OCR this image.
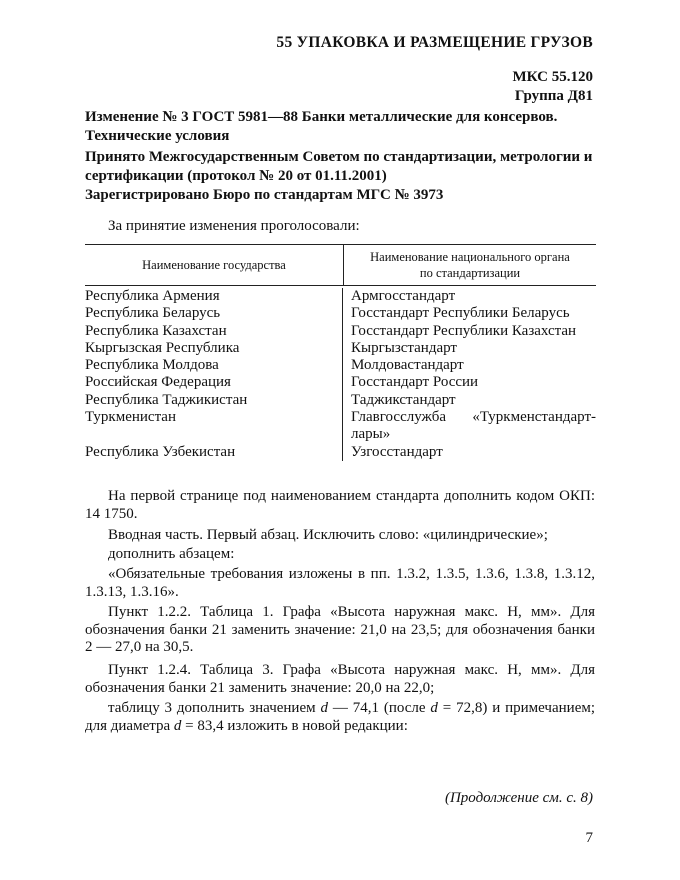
55 УПАКОВКА И РАЗМЕЩЕНИЕ ГРУЗОВ
МКС 55.120
Группа Д81
Изменение № 3 ГОСТ 5981—88 Банки металлические для консервов.
Технические условия
Принято Межгосударственным Советом по стандартизации, метрологии и
сертификации (протокол № 20 от 01.11.2001)
Зарегистрировано Бюро по стандартам МГС № 3973
За принятие изменения проголосовали:
Наименование государства
Наименование национального органа по стандартизации
Республика Армения	Армгосстандарт
Республика Беларусь	Госстандарт Республики Беларусь
Республика Казахстан	Госстандарт Республики Казахстан
Кыргызская Республика	Кыргызстандарт
Республика Молдова	Молдовастандарт
Российская Федерация	Госстандарт России
Республика Таджикистан	Таджикстандарт
Туркменистан	Главгосслужба «Туркменстандарт-лары»
Республика Узбекистан	Узгосстандарт
На первой странице под наименованием стандарта дополнить кодом ОКП: 14 1750.
Вводная часть. Первый абзац. Исключить слово: «цилиндрические»;
дополнить абзацем:
«Обязательные требования изложены в пп. 1.3.2, 1.3.5, 1.3.6, 1.3.8, 1.3.12, 1.3.13, 1.3.16».
Пункт 1.2.2. Таблица 1. Графа «Высота наружная макс. H, мм». Для обозначения банки 21 заменить значение: 21,0 на 23,5; для обозначения банки 2 — 27,0 на 30,5.
Пункт 1.2.4. Таблица 3. Графа «Высота наружная макс. H, мм». Для обозначения банки 21 заменить значение: 20,0 на 22,0;
таблицу 3 дополнить значением d — 74,1 (после d = 72,8) и примечанием; для диаметра d = 83,4 изложить в новой редакции:
(Продолжение см. с. 8)
7
